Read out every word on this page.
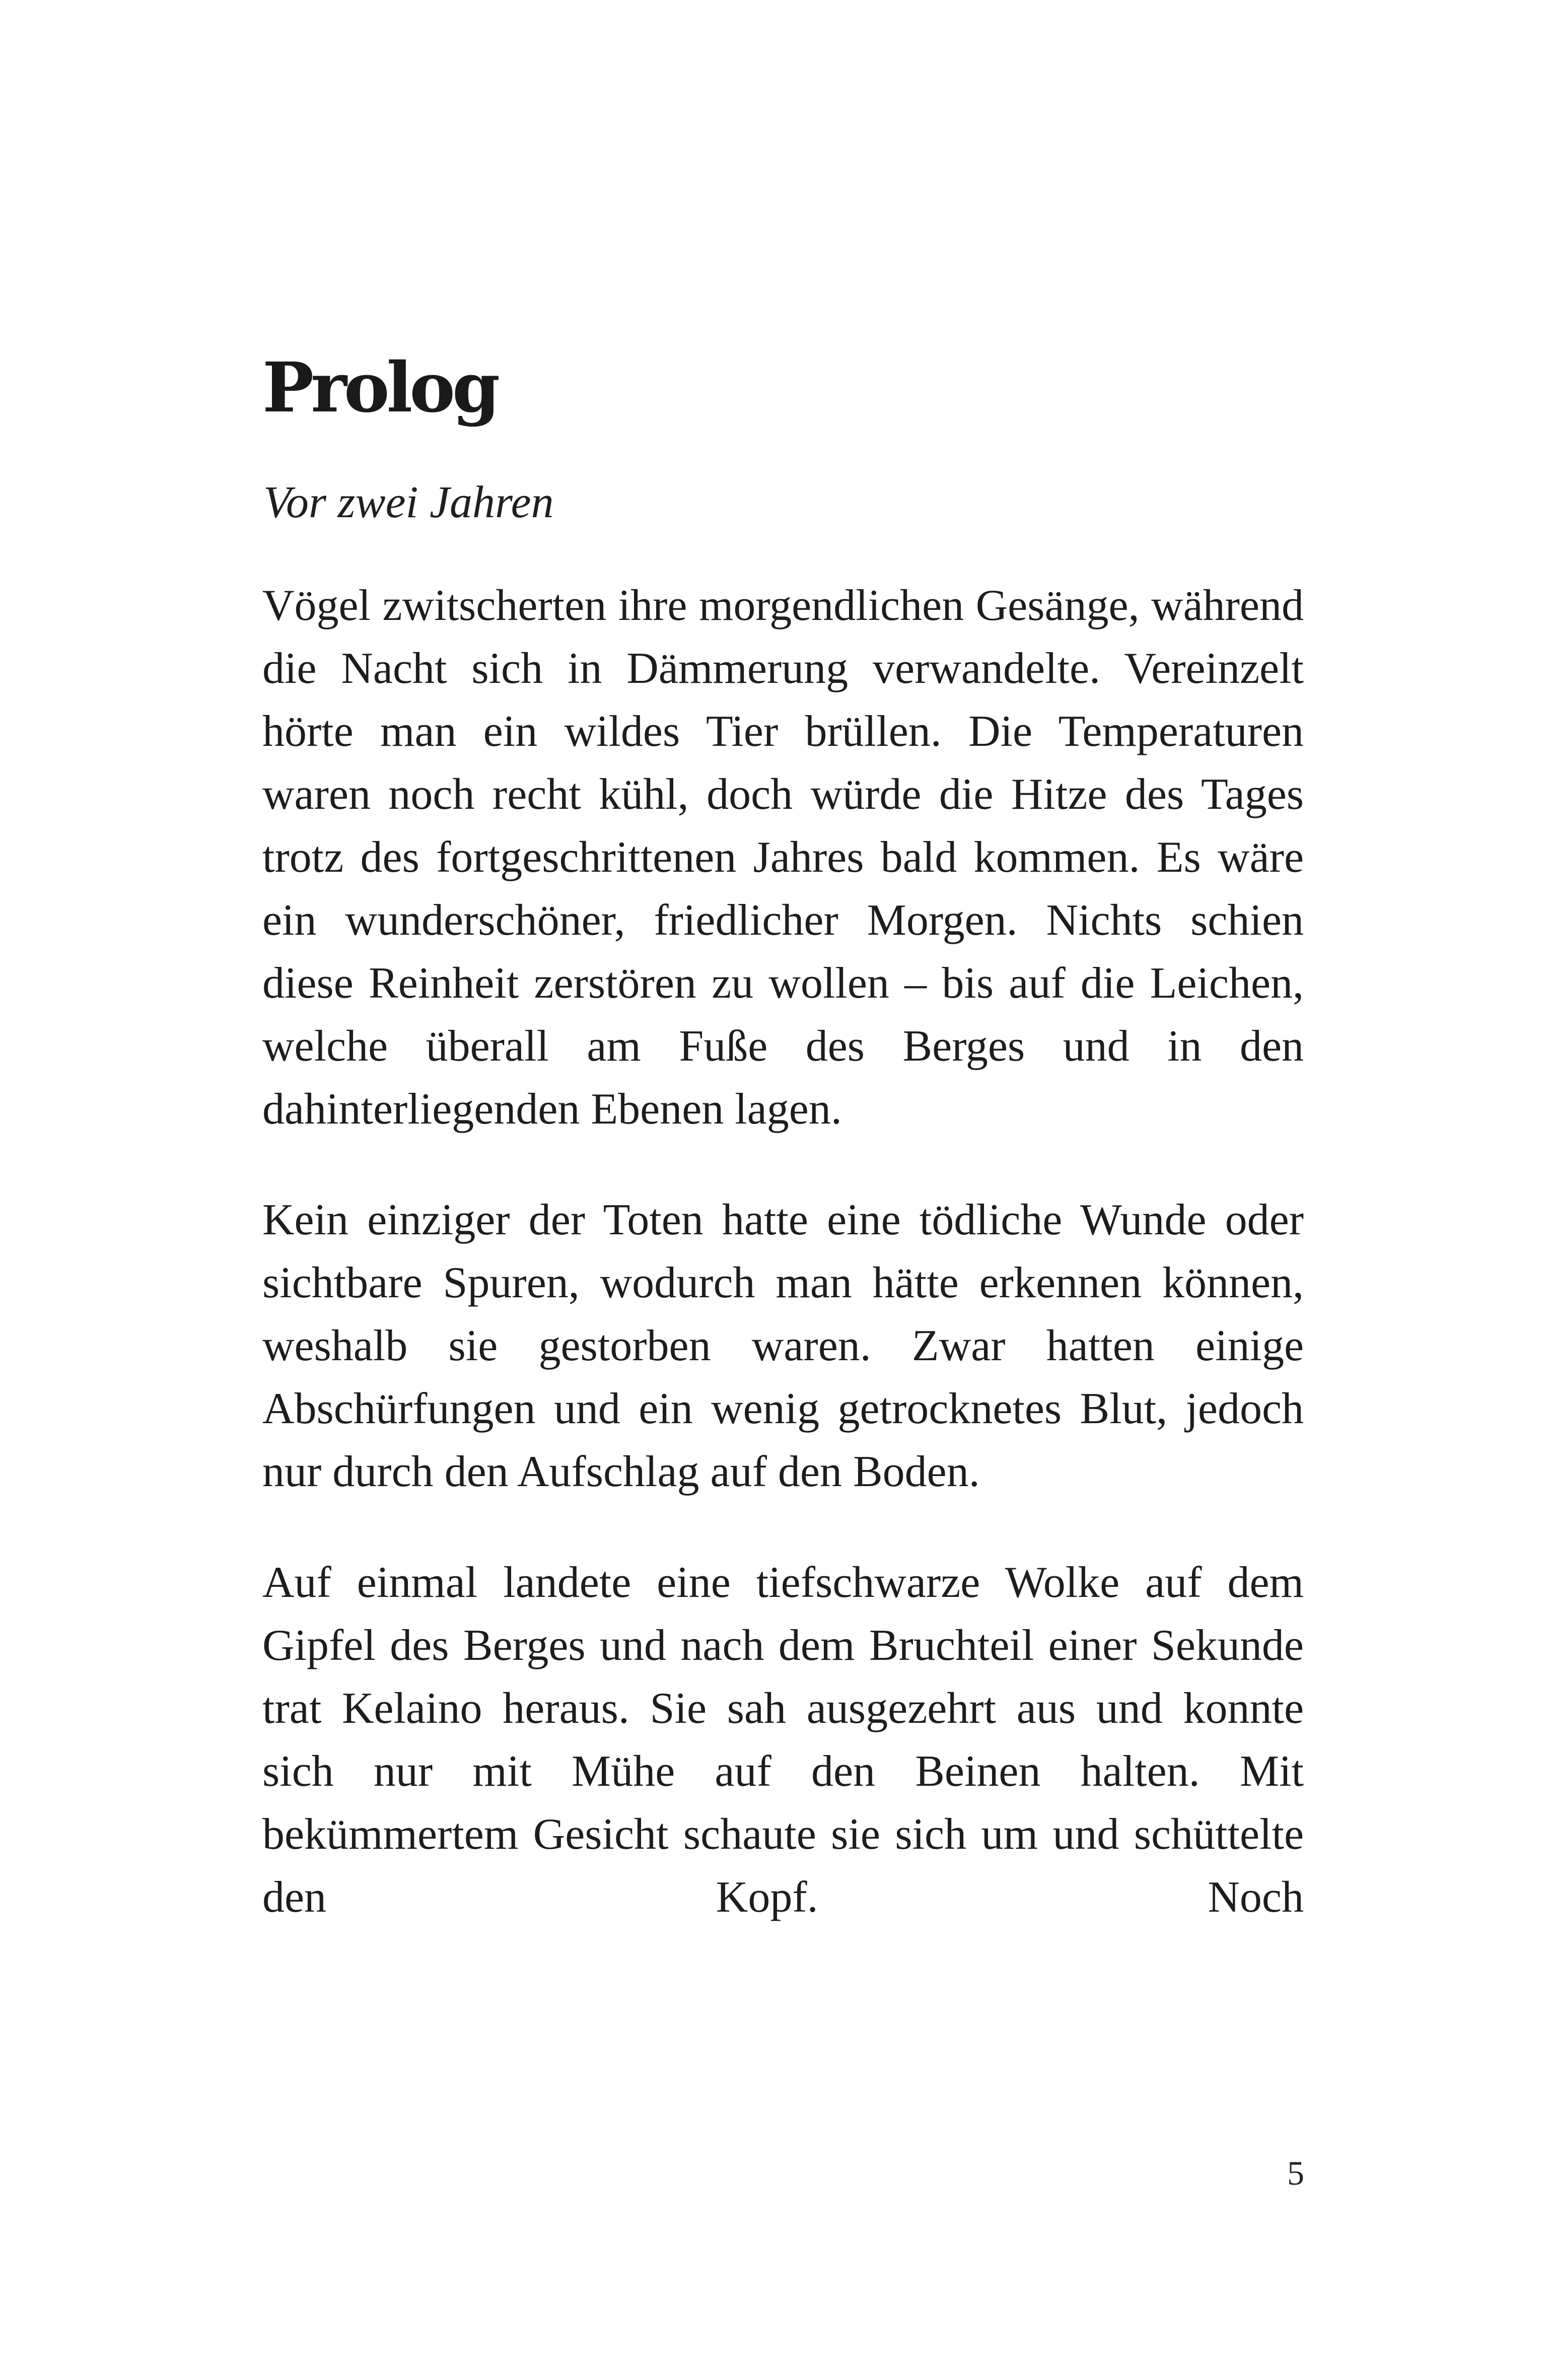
Prolog

Vor zwei Jahren

Vögel zwitscherten ihre morgendlichen Gesänge, während die Nacht sich in Dämmerung verwandelte. Vereinzelt hörte man ein wildes Tier brüllen. Die Temperaturen waren noch recht kühl, doch würde die Hitze des Tages trotz des fortgeschrittenen Jahres bald kommen. Es wäre ein wunderschöner, friedlicher Morgen. Nichts schien diese Reinheit zerstören zu wollen – bis auf die Leichen, welche überall am Fuße des Berges und in den dahinterliegenden Ebenen lagen.

Kein einziger der Toten hatte eine tödliche Wunde oder sichtbare Spuren, wodurch man hätte erkennen können, weshalb sie gestorben waren. Zwar hatten einige Abschürfungen und ein wenig getrocknetes Blut, jedoch nur durch den Aufschlag auf den Boden.

Auf einmal landete eine tiefschwarze Wolke auf dem Gipfel des Berges und nach dem Bruchteil einer Sekunde trat Kelaino heraus. Sie sah ausgezehrt aus und konnte sich nur mit Mühe auf den Beinen halten. Mit bekümmertem Gesicht schaute sie sich um und schüttelte den Kopf. Noch

5
